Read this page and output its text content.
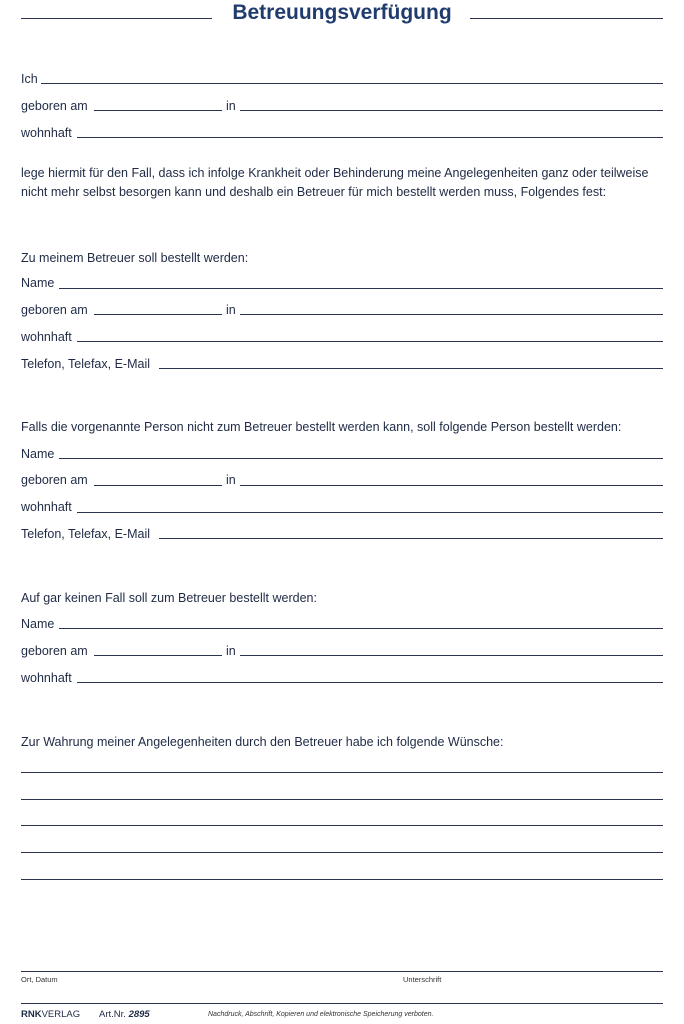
Betreuungsverfügung
Ich
geboren am	in
wohnhaft
lege hiermit für den Fall, dass ich infolge Krankheit oder Behinderung meine Angelegenheiten ganz oder teilweise nicht mehr selbst besorgen kann und deshalb ein Betreuer für mich bestellt werden muss, Folgendes fest:
Zu meinem Betreuer soll bestellt werden:
Name
geboren am	in
wohnhaft
Telefon, Telefax, E-Mail
Falls die vorgenannte Person nicht zum Betreuer bestellt werden kann, soll folgende Person bestellt werden:
Name
geboren am	in
wohnhaft
Telefon, Telefax, E-Mail
Auf gar keinen Fall soll zum Betreuer bestellt werden:
Name
geboren am	in
wohnhaft
Zur Wahrung meiner Angelegenheiten durch den Betreuer habe ich folgende Wünsche:
Ort, Datum	Unterschrift
RNKVERLAG Art.Nr. 2895	Nachdruck, Abschrift, Kopieren und elektronische Speicherung verboten.
